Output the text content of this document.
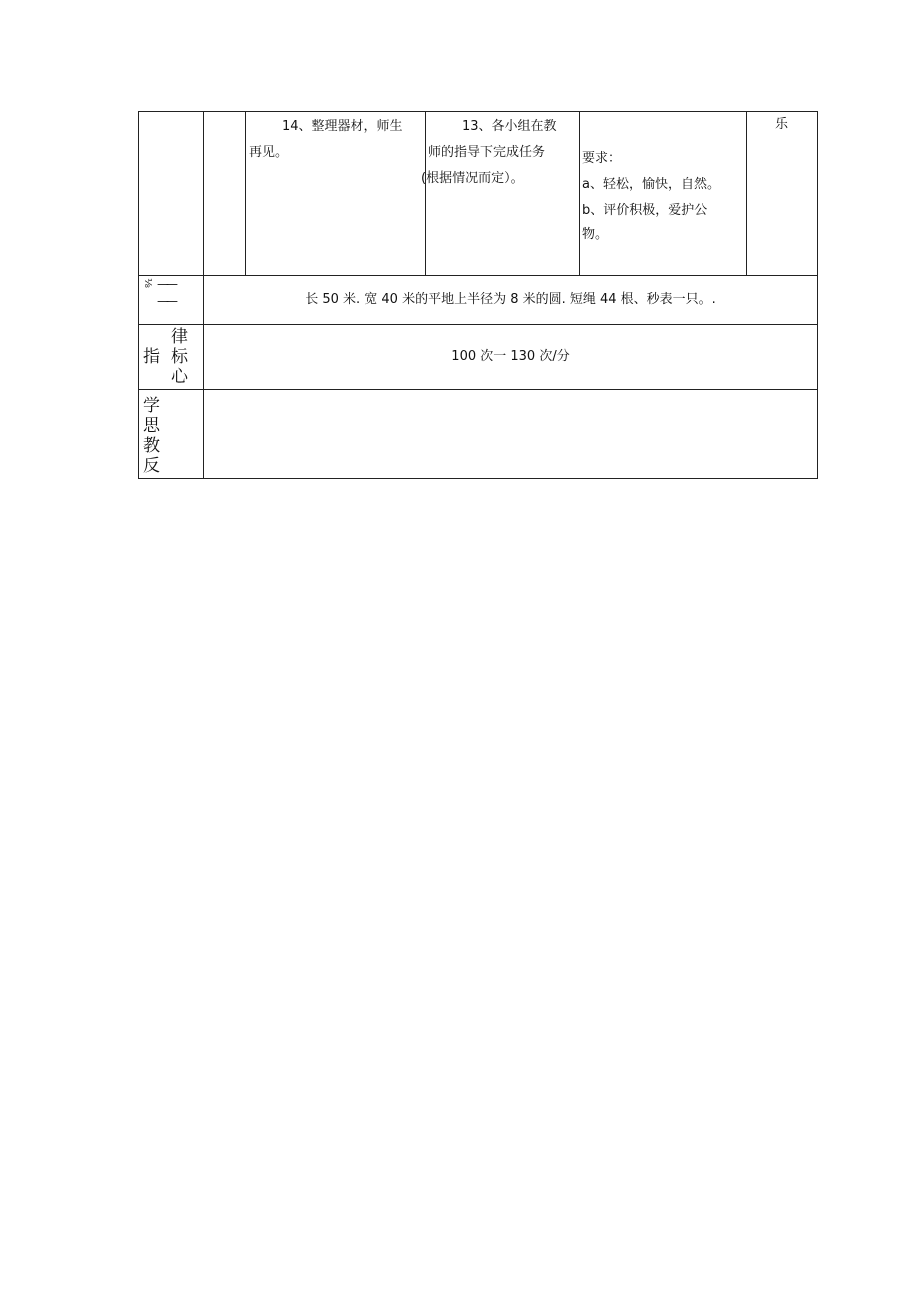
14、整理器材，师生
再见。
13、各小组在教
师的指导下完成任务
(根据情况而定）。
要求：
a、轻松，愉快，自然。
b、评价积极，爱护公
物。
乐
⅛ ——
——	长 50 米. 宽 40 米的平地上半径为 8 米的圆. 短绳 44 根、秒表一只。.
律
指 标
心
100 次一 130 次/分
学
思
教
反
